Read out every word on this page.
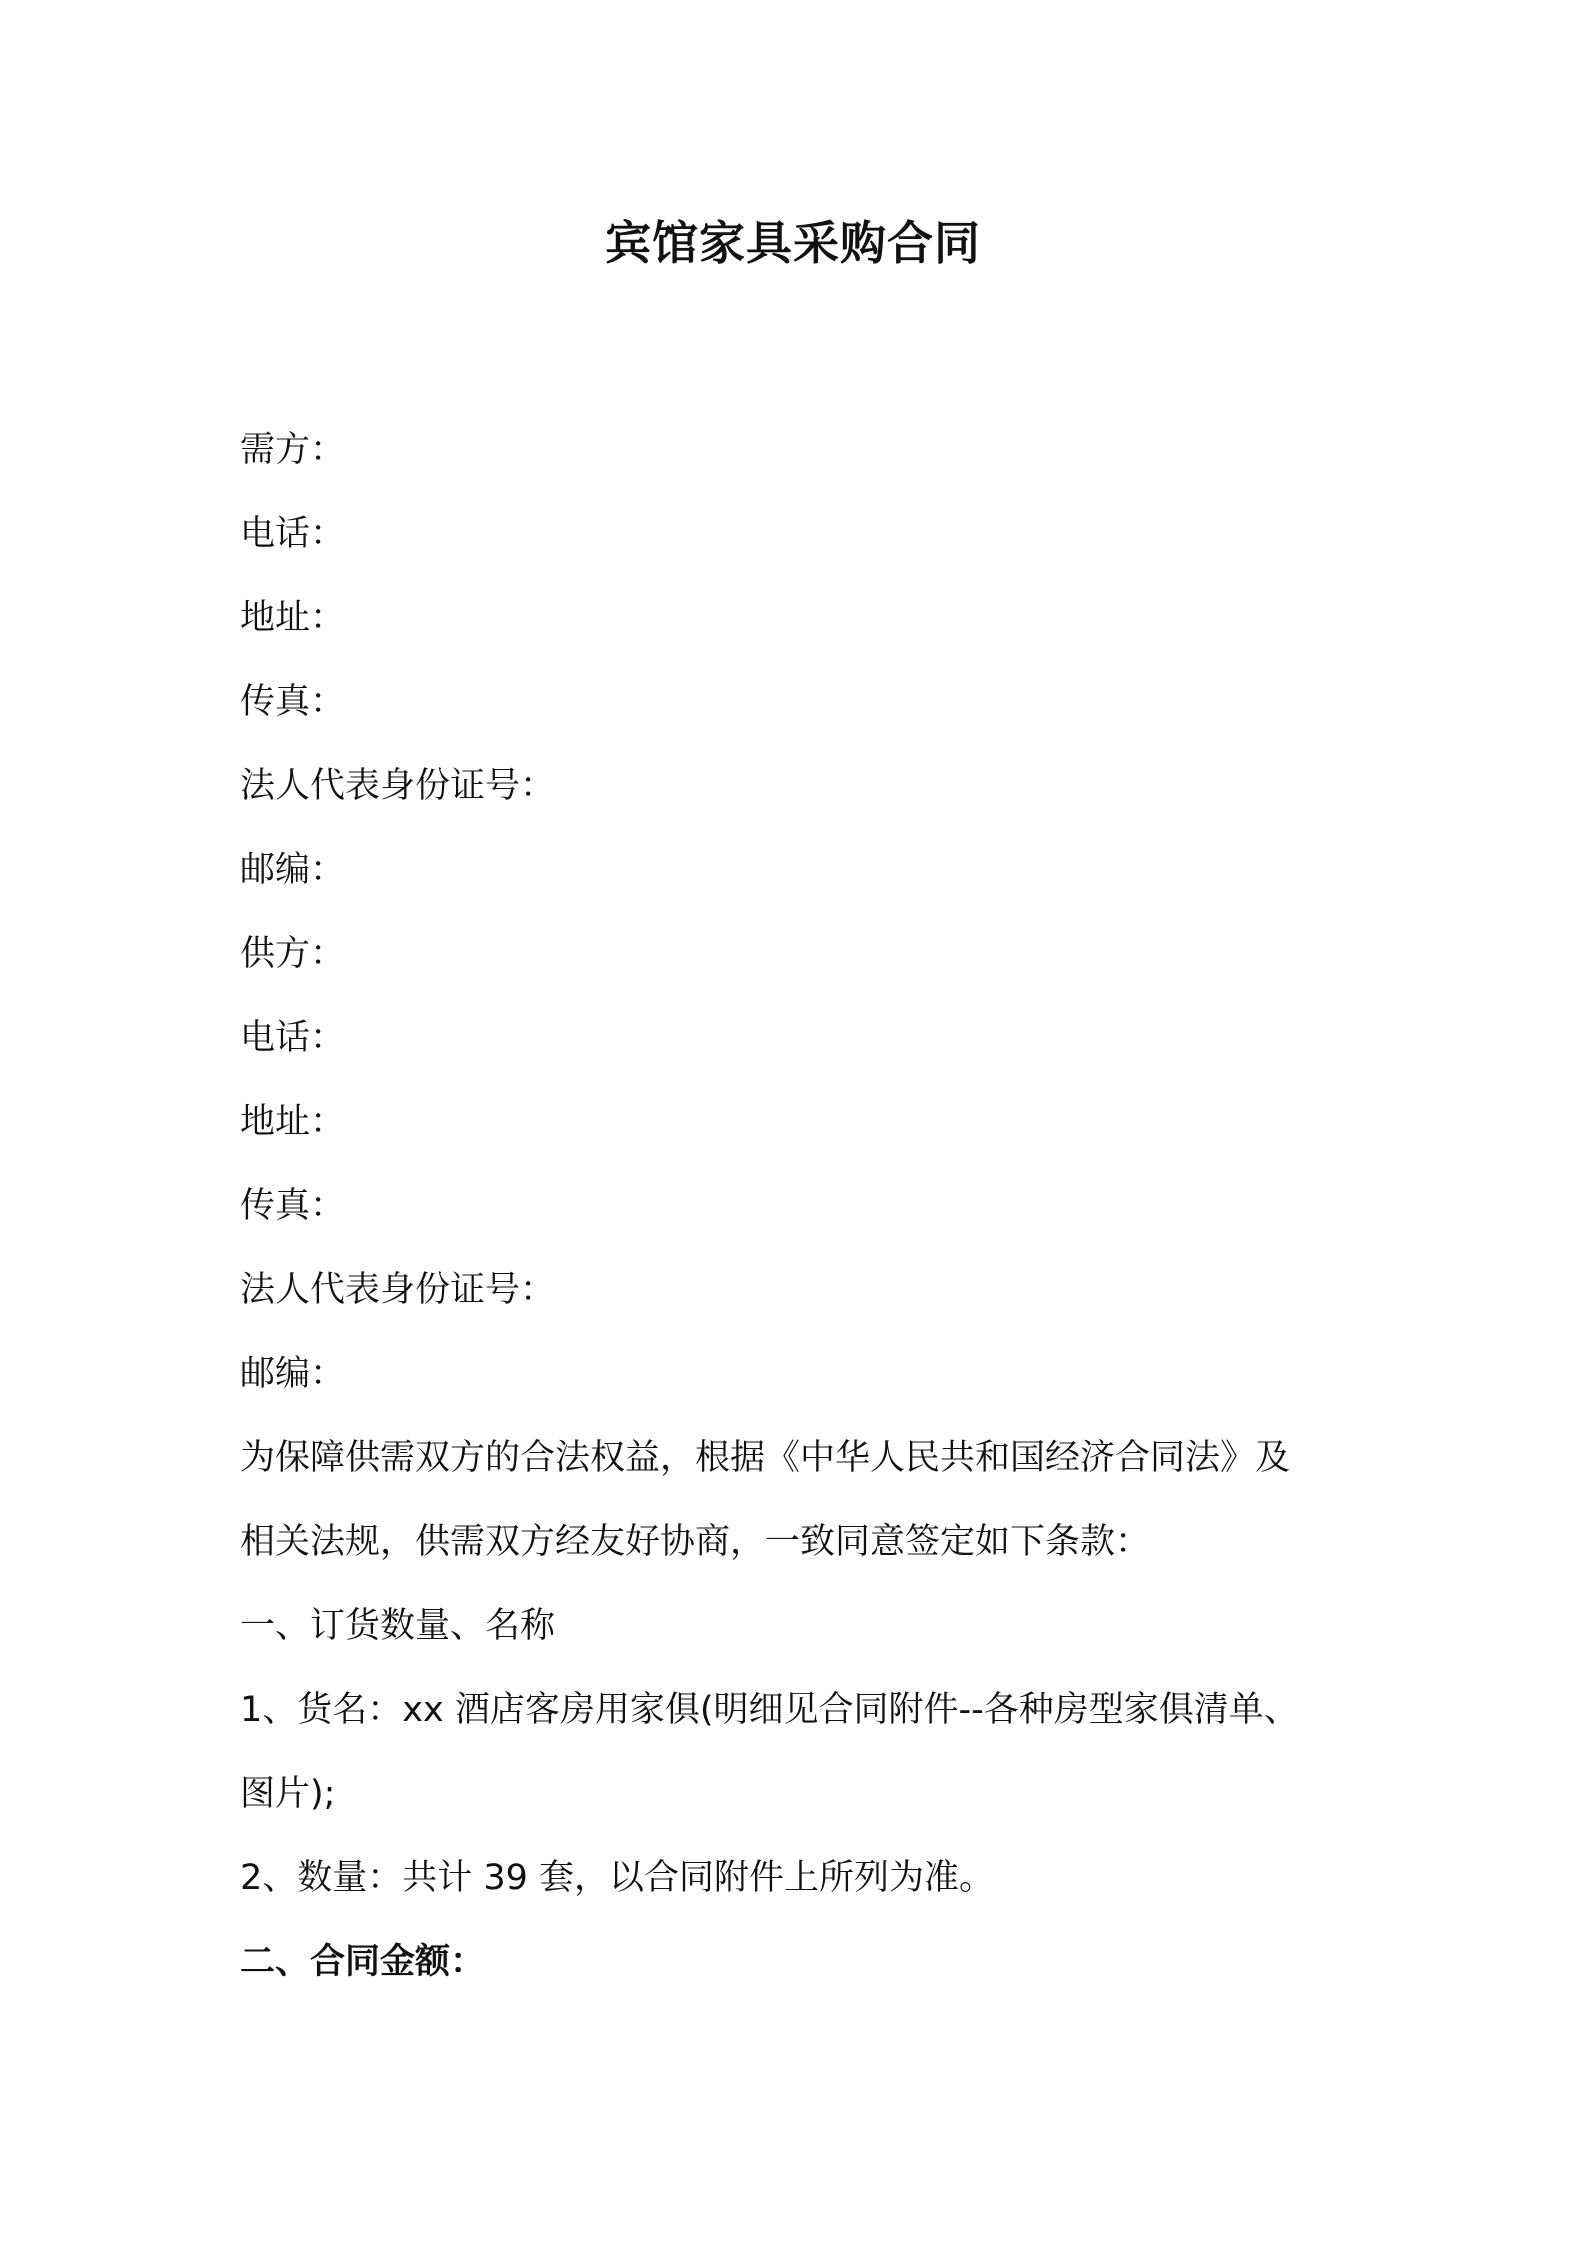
宾馆家具采购合同
需方：
电话：
地址：
传真：
法人代表身份证号：
邮编：
供方：
电话：
地址：
传真：
法人代表身份证号：
邮编：
为保障供需双方的合法权益，根据《中华人民共和国经济合同法》及
相关法规，供需双方经友好协商，一致同意签定如下条款：
一、订货数量、名称
1、货名：xx 酒店客房用家俱(明细见合同附件--各种房型家俱清单、
图片);
2、数量：共计 39 套，以合同附件上所列为准。
二、合同金额：
